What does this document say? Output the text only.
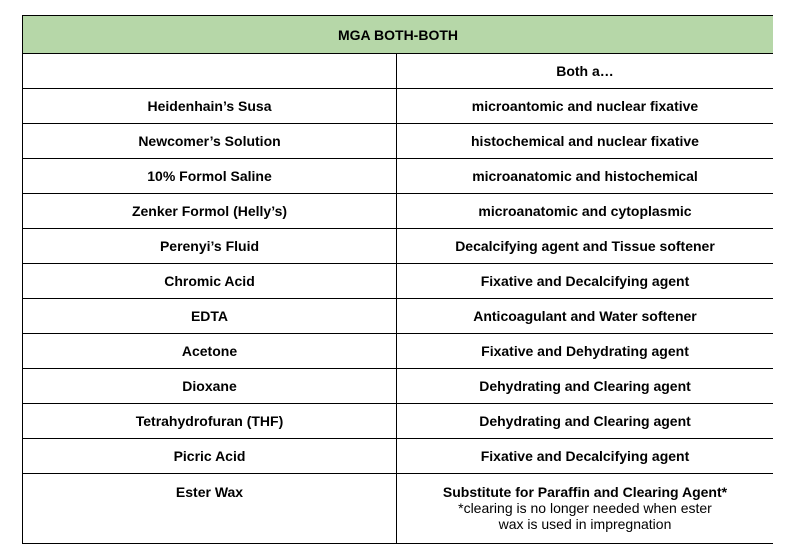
MGA BOTH-BOTH	
	Both a…
Heidenhain’s Susa	microantomic and nuclear fixative
Newcomer’s Solution	histochemical and nuclear fixative
10% Formol Saline	microanatomic and histochemical
Zenker Formol (Helly’s)	microanatomic and cytoplasmic
Perenyi’s Fluid	Decalcifying agent and Tissue softener
Chromic Acid	Fixative and Decalcifying agent
EDTA	Anticoagulant and Water softener
Acetone	Fixative and Dehydrating agent
Dioxane	Dehydrating and Clearing agent
Tetrahydrofuran (THF)	Dehydrating and Clearing agent
Picric Acid	Fixative and Decalcifying agent
Ester Wax	Substitute for Paraffin and Clearing Agent*
*clearing is no longer needed when ester
wax is used in impregnation
